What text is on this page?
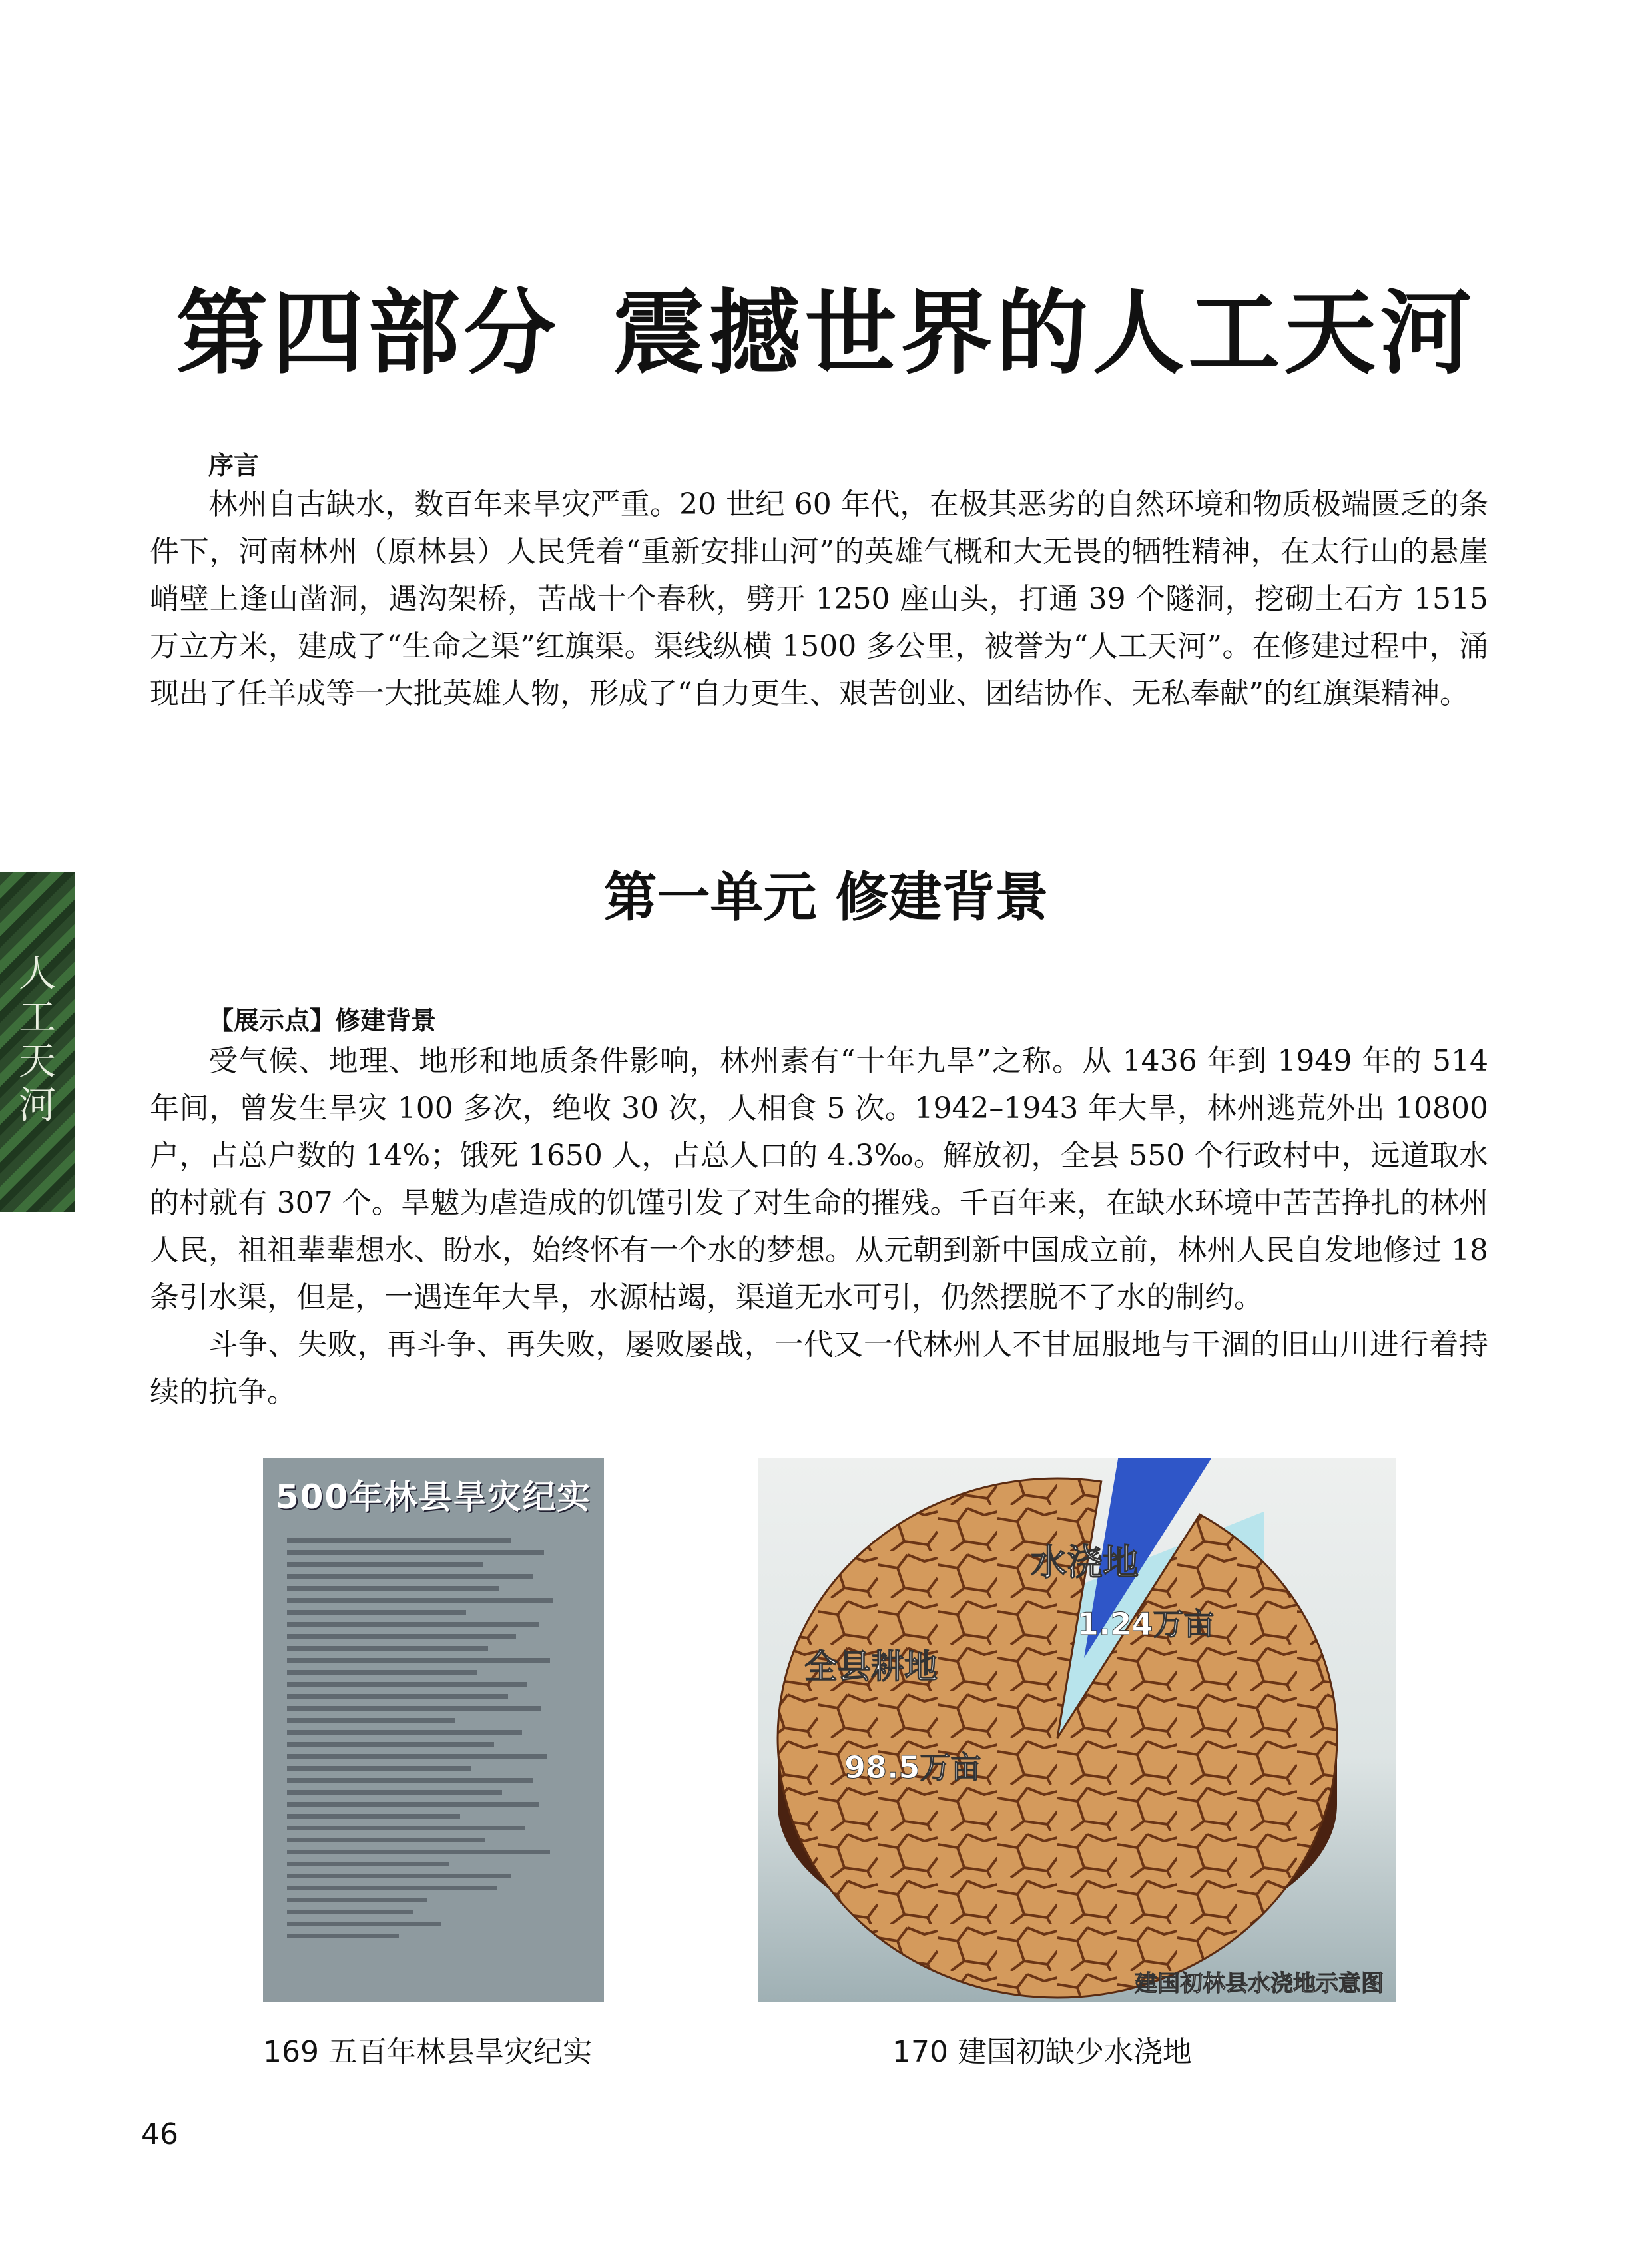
第四部分 震撼世界的人工天河
序言
林州自古缺水，数百年来旱灾严重。20 世纪 60 年代，在极其恶劣的自然环境和物质极端匮乏的条件下，河南林州（原林县）人民凭着“重新安排山河”的英雄气概和大无畏的牺牲精神，在太行山的悬崖峭壁上逢山凿洞，遇沟架桥，苦战十个春秋，劈开 1250 座山头，打通 39 个隧洞，挖砌土石方 1515 万立方米，建成了“生命之渠”红旗渠。渠线纵横 1500 多公里，被誉为“人工天河”。在修建过程中，涌现出了任羊成等一大批英雄人物，形成了“自力更生、艰苦创业、团结协作、无私奉献”的红旗渠精神。
人
工
天
河
第一单元 修建背景
【展示点】修建背景
受气候、地理、地形和地质条件影响，林州素有“十年九旱”之称。从 1436 年到 1949 年的 514 年间，曾发生旱灾 100 多次，绝收 30 次，人相食 5 次。1942–1943 年大旱，林州逃荒外出 10800 户，占总户数的 14%；饿死 1650 人，占总人口的 4.3‰。解放初，全县 550 个行政村中，远道取水的村就有 307 个。旱魃为虐造成的饥馑引发了对生命的摧残。千百年来，在缺水环境中苦苦挣扎的林州人民，祖祖辈辈想水、盼水，始终怀有一个水的梦想。从元朝到新中国成立前，林州人民自发地修过 18 条引水渠，但是，一遇连年大旱，水源枯竭，渠道无水可引，仍然摆脱不了水的制约。
斗争、失败，再斗争、再失败，屡败屡战，一代又一代林州人不甘屈服地与干涸的旧山川进行着持续的抗争。
500年林县旱灾纪实
169 五百年林县旱灾纪实
水浇地
1.24万亩
全县耕地
98.5万亩
建国初林县水浇地示意图
170 建国初缺少水浇地
46
